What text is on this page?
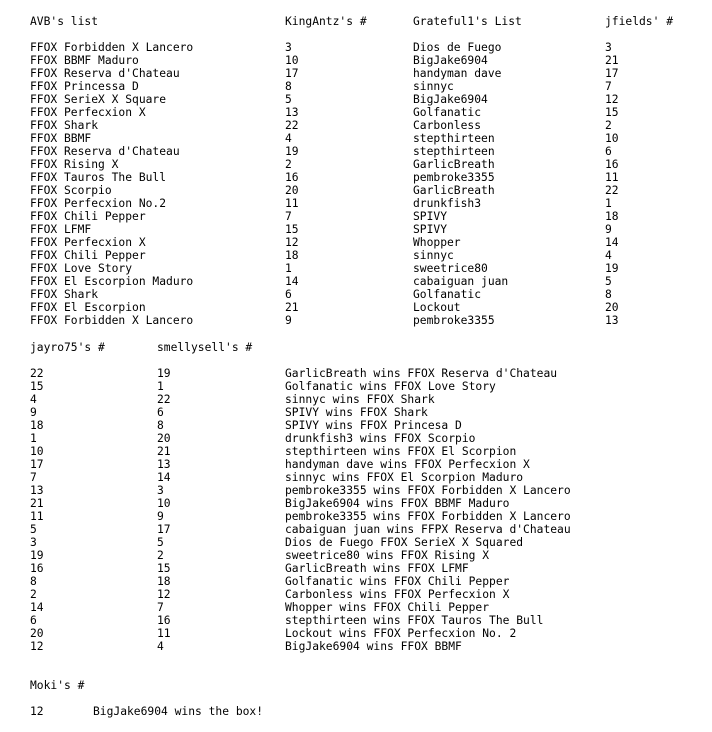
AVB's list	KingAntz's #	Grateful1's List	jfields' #
FFOX Forbidden X Lancero	3	Dios de Fuego	3
FFOX BBMF Maduro	10	BigJake6904	21
FFOX Reserva d'Chateau	17	handyman dave	17
FFOX Princessa D	8	sinnyc	7
FFOX SerieX X Square	5	BigJake6904	12
FFOX Perfecxion X	13	Golfanatic	15
FFOX Shark	22	Carbonless	2
FFOX BBMF	4	stepthirteen	10
FFOX Reserva d'Chateau	19	stepthirteen	6
FFOX Rising X	2	GarlicBreath	16
FFOX Tauros The Bull	16	pembroke3355	11
FFOX Scorpio	20	GarlicBreath	22
FFOX Perfecxion No.2	11	drunkfish3	1
FFOX Chili Pepper	7	SPIVY	18
FFOX LFMF	15	SPIVY	9
FFOX Perfecxion X	12	Whopper	14
FFOX Chili Pepper	18	sinnyc	4
FFOX Love Story	1	sweetrice80	19
FFOX El Escorpion Maduro	14	cabaiguan juan	5
FFOX Shark	6	Golfanatic	8
FFOX El Escorpion	21	Lockout	20
FFOX Forbidden X Lancero	9	pembroke3355	13
jayro75's #	smellysell's #
22	19	GarlicBreath wins FFOX Reserva d'Chateau
15	1	Golfanatic wins FFOX Love Story
4	22	sinnyc wins FFOX Shark
9	6	SPIVY wins FFOX Shark
18	8	SPIVY wins FFOX Princesa D
1	20	drunkfish3 wins FFOX Scorpio
10	21	stepthirteen wins FFOX El Scorpion
17	13	handyman dave wins FFOX Perfecxion X
7	14	sinnyc wins FFOX El Scorpion Maduro
13	3	pembroke3355 wins FFOX Forbidden X Lancero
21	10	BigJake6904 wins FFOX BBMF Maduro
11	9	pembroke3355 wins FFOX Forbidden X Lancero
5	17	cabaiguan juan wins FFPX Reserva d'Chateau
3	5	Dios de Fuego FFOX SerieX X Squared
19	2	sweetrice80 wins FFOX Rising X
16	15	GarlicBreath wins FFOX LFMF
8	18	Golfanatic wins FFOX Chili Pepper
2	12	Carbonless wins FFOX Perfecxion X
14	7	Whopper wins FFOX Chili Pepper
6	16	stepthirteen wins FFOX Tauros The Bull
20	11	Lockout wins FFOX Perfecxion No. 2
12	4	BigJake6904 wins FFOX BBMF
Moki's #
12	BigJake6904 wins the box!
